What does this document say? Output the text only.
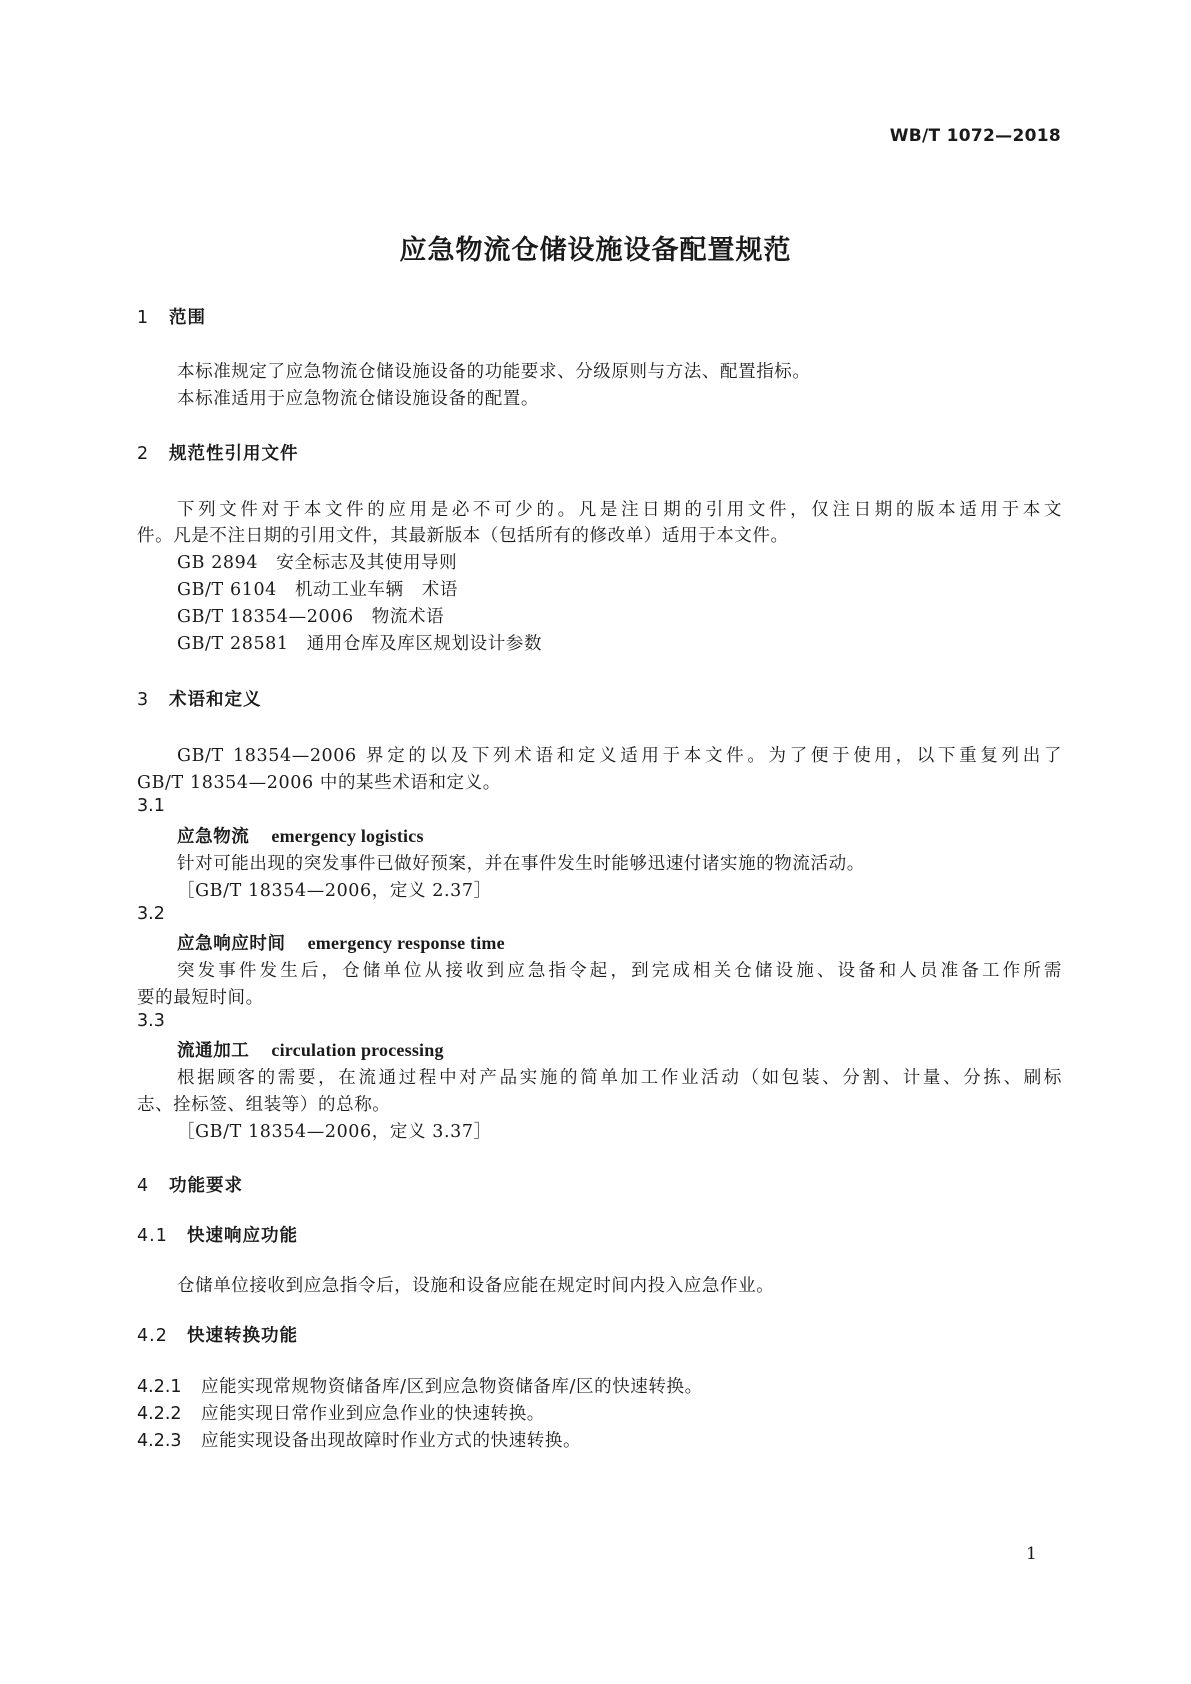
WB/T 1072—2018
应急物流仓储设施设备配置规范
1 范围
本标准规定了应急物流仓储设施设备的功能要求、分级原则与方法、配置指标。
本标准适用于应急物流仓储设施设备的配置。
2 规范性引用文件
下列文件对于本文件的应用是必不可少的。凡是注日期的引用文件，仅注日期的版本适用于本文
件。凡是不注日期的引用文件，其最新版本（包括所有的修改单）适用于本文件。
GB 2894　 安全标志及其使用导则
GB/T 6104　 机动工业车辆　术语
GB/T 18354—2006　 物流术语
GB/T 28581　 通用仓库及库区规划设计参数
3 术语和定义
GB/T 18354—2006 界定的以及下列术语和定义适用于本文件。为了便于使用，以下重复列出了
GB/T 18354—2006 中的某些术语和定义。
3.1
应急物流 emergency logistics
针对可能出现的突发事件已做好预案，并在事件发生时能够迅速付诸实施的物流活动。
［GB/T 18354—2006，定义 2.37］
3.2
应急响应时间 emergency response time
突发事件发生后，仓储单位从接收到应急指令起，到完成相关仓储设施、设备和人员准备工作所需
要的最短时间。
3.3
流通加工 circulation processing
根据顾客的需要，在流通过程中对产品实施的简单加工作业活动（如包装、分割、计量、分拣、刷标
志、拴标签、组装等）的总称。
［GB/T 18354—2006，定义 3.37］
4 功能要求
4.1 快速响应功能
仓储单位接收到应急指令后，设施和设备应能在规定时间内投入应急作业。
4.2 快速转换功能
4.2.1 应能实现常规物资储备库/区到应急物资储备库/区的快速转换。
4.2.2 应能实现日常作业到应急作业的快速转换。
4.2.3 应能实现设备出现故障时作业方式的快速转换。
1
